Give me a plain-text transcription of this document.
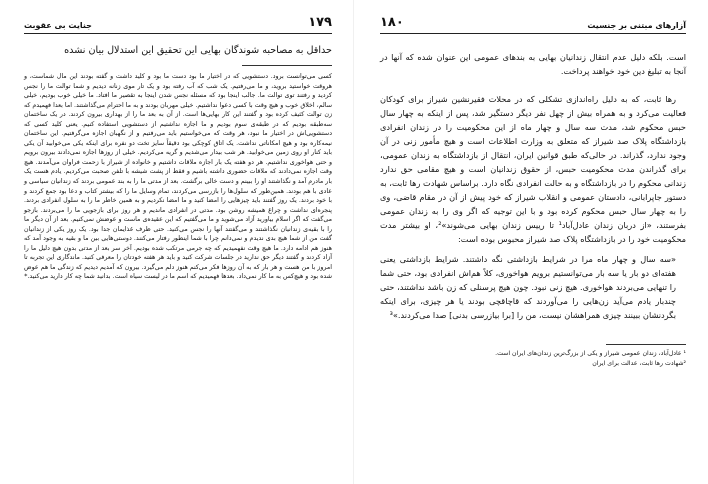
۱۷۹
جنایت بی عقوبت
حداقل به مصاحبه شوندگان بهایی این تحقیق این استدلال بیان نشده
کسی می‌توانست برود. دستشویی که در اختیار ما بود دست ما بود و کلید داشت و گفته بودند این مال شماست، و هروقت خواستید بروید، و ما می‌رفتیم. یک شب که آب رفته بود و یک تار موی زنانه دیدیم و شما توالت ما را نجس کردید و رفتند توی توالت ما. جالب اینجا بود که مسئله نجس شدن اینجا به تقصیر ما افتاد. ما خیلی خوب بودیم، خیلی سالم، اخلاق خوب و هیچ وقت با کسی دعوا نداشتیم. خیلی مهربان بودند و به ما احترام می‌گذاشتند. اما بعدا فهمیدم که زن توالت کثیف کرده بود و گفتند این کار بهایی‌ها است. از آن به بعد ما را از بهداری بیرون کردند. در یک ساختمان سه‌طبقه بودیم که در طبقه‌ی سوم بودیم و ما اجازه نداشتیم از دستشویی استفاده کنیم. یعنی کلید کسی که دستشویی‌اش در اختیار ما نبود، هر وقت که می‌خواستیم باید می‌رفتیم و از نگهبان اجازه می‌گرفتیم. این ساختمان نیمه‌کاره بود و هیچ امکاناتی نداشت. یک اتاق کوچکی بود دقیقاً سایز تخت دو نفره برای اینکه یکی می‌خوابید آن یکی باید کنار او روی زمین می‌خوابید. هر شب بیدار می‌شدیم و گریه می‌کردیم. خیلی از روزها اجازه نمی‌دادند بیرون برویم و حتی هواخوری نداشتیم. هر دو هفته یک بار اجازه ملاقات داشتیم و خانواده از شیراز با زحمت فراوان می‌آمدند. هیچ وقت اجازه نمی‌دادند که ملاقات حضوری داشته باشیم و فقط از پشت شیشه با تلفن صحبت می‌کردیم. یادم هست یک بار مادرم آمد و نگذاشتند او را ببینم و دست خالی برگشت. بعد از مدتی ما را به بند عمومی بردند که زندانیان سیاسی و عادی با هم بودند. همین‌طور که سلول‌ها را بازرسی می‌کردند، تمام وسایل ما را که بیشتر کتاب و دعا بود جمع کردند و با خود بردند. یک روز گفتند باید چیزهایی را امضا کنید و ما امضا نکردیم و به همین خاطر ما را به سلول انفرادی بردند. پنجره‌ای نداشت و چراغ همیشه روشن بود. مدتی در انفرادی ماندیم و هر روز برای بازجویی ما را می‌بردند. بازجو می‌گفت که اگر اسلام بیاورید آزاد می‌شوید و ما می‌گفتیم که این عقیده‌ی ماست و عوضش نمی‌کنیم. بعد از آن دیگر ما را با بقیه‌ی زندانیان نگذاشتند و می‌گفتند آنها را نجس می‌کنید. حتی ظرف غذایمان جدا بود. یک روز یکی از زندانیان گفت من از شما هیچ بدی ندیدم و نمی‌دانم چرا با شما اینطور رفتار می‌کنند. دوستی‌هایی بین ما و بقیه به وجود آمد که هنوز هم ادامه دارد. ما هیچ وقت نفهمیدیم که چه جرمی مرتکب شده بودیم. آخر سر بعد از مدتی بدون هیچ دلیل ما را آزاد کردند و گفتند دیگر حق ندارید در جلسات شرکت کنید و باید هر هفته خودتان را معرفی کنید. ماندگاری این تجربه تا امروز با من هست و هر بار که به آن روزها فکر می‌کنم هنوز دلم می‌گیرد. بیرون که آمدیم دیدیم که زندگی ما هم عوض شده بود و هیچ‌کس به ما کار نمی‌داد. بعدها فهمیدیم که اسم ما در لیست سیاه است. بدانید شما چه کار دارید می‌کنید.*
آزارهای مبتنی بر جنسیت
۱۸۰

است. بلکه دلیل عدم انتقال زندانیان بهایی به بندهای عمومی این عنوان شده که آنها در آنجا به تبلیغ دین خود خواهند پرداخت.

رها ثابت، که به دلیل راه‌اندازی تشکلی که در محلات فقیرنشین شیراز برای کودکان فعالیت می‌کرد و به همراه بیش از چهل نفر دیگر دستگیر شد، پس از اینکه به چهار سال حبس محکوم شد، مدت سه سال و چهار ماه از این محکومیت را در زندان انفرادی بازداشتگاه پلاک صد شیراز که متعلق به وزارت اطلاعات است و هیچ مأمور زنی در آن وجود ندارد، گذراند. در حالی‌که طبق قوانین ایران، انتقال از بازداشتگاه به زندان عمومی، برای گذراندن مدت محکومیت حبس، از حقوق زندانیان است و هیچ مقامی حق ندارد زندانی محکوم را در بازداشتگاه و به حالت انفرادی نگاه دارد. براساس شهادت رها ثابت، به دستور جاپرابانی، دادستان عمومی و انقلاب شیراز که خود پیش از آن در مقام قاضی، وی را به چهار سال حبس محکوم کرده بود و با این توجیه که اگر وی را به زندان عمومی بفرستند، «از دربان زندان عادل‌آباد¹ تا رییس زندان بهایی می‌شوند»²، او بیشتر مدت محکومیت خود را در بازداشتگاه پلاک صد شیراز محبوس بوده است:

«سه سال و چهار ماه مرا در شرایط بازداشتی نگه داشتند. شرایط بازداشتی یعنی هفته‌ای دو بار یا سه بار می‌توانستیم برویم هواخوری، کلاً هم‌اش انفرادی بود، حتی شما را تنهایی می‌بردند هواخوری. هیچ زنی نبود. چون هیچ پرسنلی که زن باشد نداشتند، حتی چندبار یادم می‌آید زن‌هایی را می‌آوردند که قاچاقچی بودند یا هر چیزی، برای اینکه بگردنشان ببینند چیزی همراهشان نیست، من را [برا بیازرسی بدنی] صدا می‌کردند.»³

¹ عادل‌آباد، زندان عمومی شیراز و یکی از بزرگ‌ترین زندان‌های ایران است.
²شهادت رها ثابت، عدالت برای ایران
